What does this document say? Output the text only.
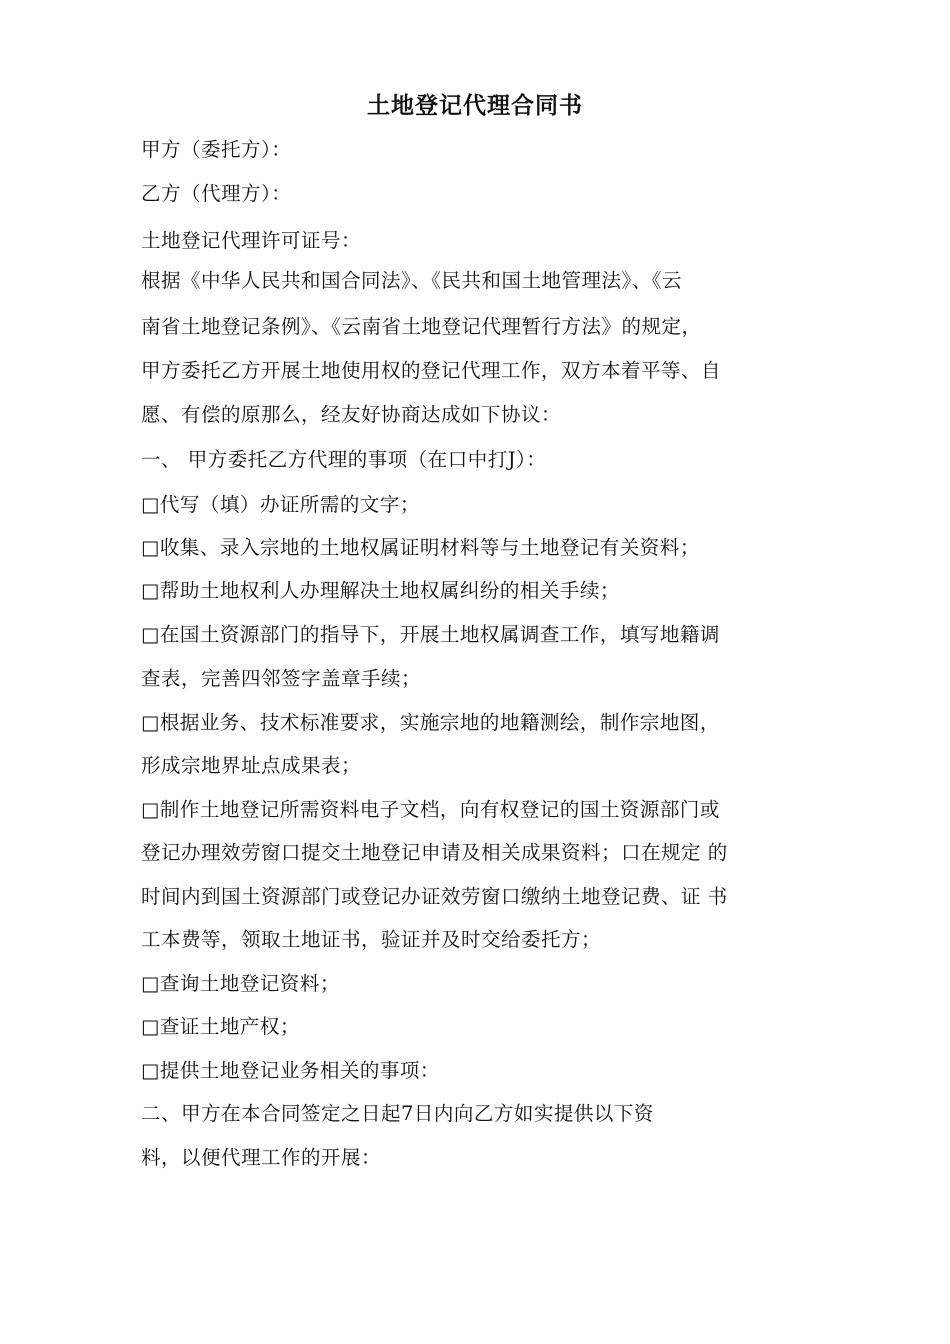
土地登记代理合同书
甲方（委托方）：
乙方（代理方）：
土地登记代理许可证号：
根据《中华人民共和国合同法》、《民共和国土地管理法》、《云
南省土地登记条例》、《云南省土地登记代理暂行方法》的规定，
甲方委托乙方开展土地使用权的登记代理工作，双方本着平等、自
愿、有偿的原那么，经友好协商达成如下协议：
一、 甲方委托乙方代理的事项（在口中打J）：
□代写（填）办证所需的文字；
□收集、录入宗地的土地权属证明材料等与土地登记有关资料；
□帮助土地权利人办理解决土地权属纠纷的相关手续；
□在国土资源部门的指导下，开展土地权属调查工作，填写地籍调
查表，完善四邻签字盖章手续；
□根据业务、技术标准要求，实施宗地的地籍测绘，制作宗地图，
形成宗地界址点成果表；
□制作土地登记所需资料电子文档，向有权登记的国土资源部门或
登记办理效劳窗口提交土地登记申请及相关成果资料；口在规定 的
时间内到国土资源部门或登记办证效劳窗口缴纳土地登记费、证 书
工本费等，领取土地证书，验证并及时交给委托方；
□查询土地登记资料；
□查证土地产权；
□提供土地登记业务相关的事项：
二、甲方在本合同签定之日起7日内向乙方如实提供以下资
料，以便代理工作的开展：
